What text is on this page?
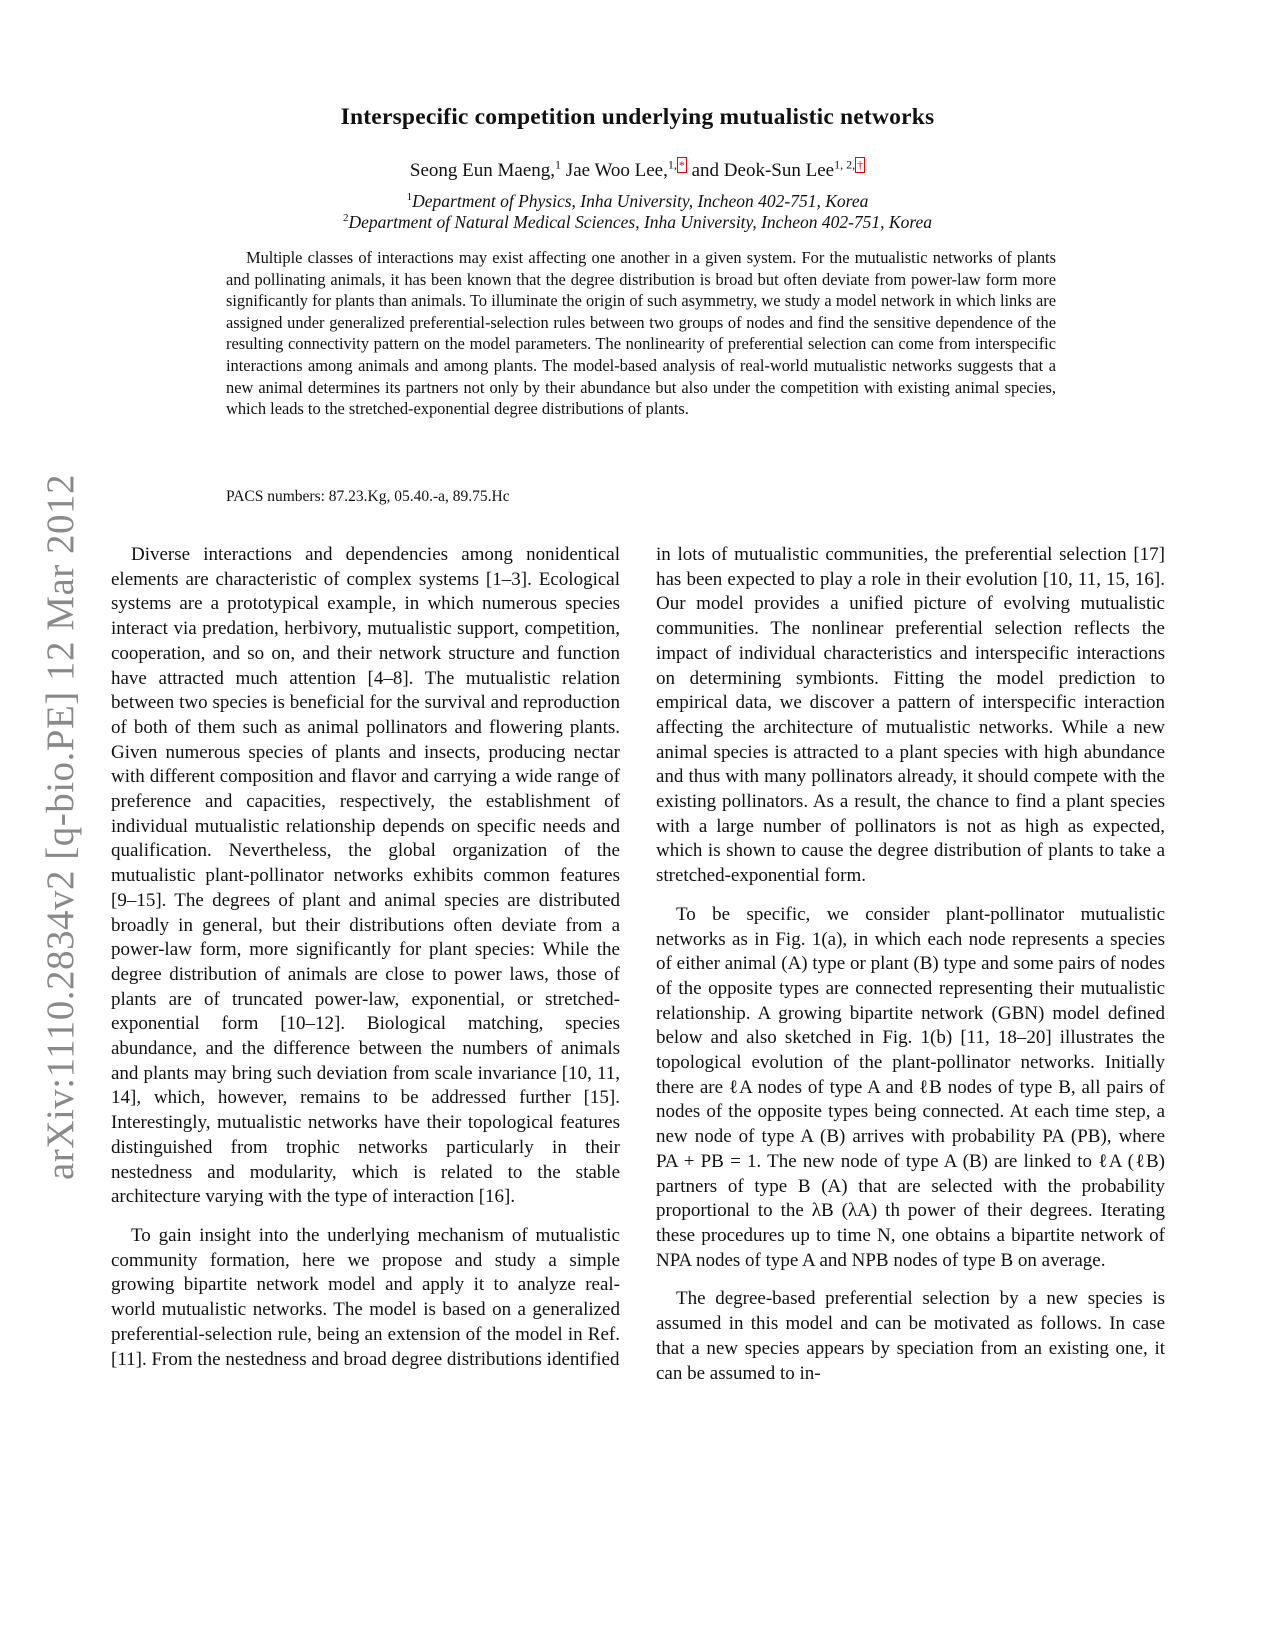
Interspecific competition underlying mutualistic networks
Seong Eun Maeng,$^1$ Jae Woo Lee,$^{1,}$ * and Deok-Sun Lee$^{1, 2,}$ †
$^1$Department of Physics, Inha University, Incheon 402-751, Korea
$^2$Department of Natural Medical Sciences, Inha University, Incheon 402-751, Korea
Multiple classes of interactions may exist affecting one another in a given system. For the mutualistic networks of plants and pollinating animals, it has been known that the degree distribution is broad but often deviate from power-law form more significantly for plants than animals. To illuminate the origin of such asymmetry, we study a model network in which links are assigned under generalized preferential-selection rules between two groups of nodes and find the sensitive dependence of the resulting connectivity pattern on the model parameters. The nonlinearity of preferential selection can come from interspecific interactions among animals and among plants. The model-based analysis of real-world mutualistic networks suggests that a new animal determines its partners not only by their abundance but also under the competition with existing animal species, which leads to the stretched-exponential degree distributions of plants.
PACS numbers: 87.23.Kg, 05.40.-a, 89.75.Hc
arXiv:1110.2834v2 [q-bio.PE] 12 Mar 2012	Diverse interactions and dependencies among nonidentical elements are characteristic of complex systems [1–3]. Ecological systems are a prototypical example, in which numerous species interact via predation, herbivory, mutualistic support, competition, cooperation, and so on, and their network structure and function have attracted much attention [4–8]. The mutualistic relation between two species is beneficial for the survival and reproduction of both of them such as animal pollinators and flowering plants. Given numerous species of plants and insects, producing nectar with different composition and flavor and carrying a wide range of preference and capacities, respectively, the establishment of individual mutualistic relationship depends on specific needs and qualification. Nevertheless, the global organization of the mutualistic plant-pollinator networks exhibits common features [9–15]. The degrees of plant and animal species are distributed broadly in general, but their distributions often deviate from a power-law form, more significantly for plant species: While the degree distribution of animals are close to power laws, those of plants are of truncated power-law, exponential, or stretched-exponential form [10–12]. Biological matching, species abundance, and the difference between the numbers of animals and plants may bring such deviation from scale invariance [10, 11, 14], which, however, remains to be addressed further [15]. Interestingly, mutualistic networks have their topological features distinguished from trophic networks particularly in their nestedness and modularity, which is related to the stable architecture varying with the type of interaction [16].

To gain insight into the underlying mechanism of mutualistic community formation, here we propose and study a simple growing bipartite network model and apply it to analyze real-world mutualistic networks. The model is based on a generalized preferential-selection rule, being an extension of the model in Ref. [11]. From the nestedness and broad degree distributions identified

in lots of mutualistic communities, the preferential selection [17] has been expected to play a role in their evolution [10, 11, 15, 16]. Our model provides a unified picture of evolving mutualistic communities. The nonlinear preferential selection reflects the impact of individual characteristics and interspecific interactions on determining symbionts. Fitting the model prediction to empirical data, we discover a pattern of interspecific interaction affecting the architecture of mutualistic networks. While a new animal species is attracted to a plant species with high abundance and thus with many pollinators already, it should compete with the existing pollinators. As a result, the chance to find a plant species with a large number of pollinators is not as high as expected, which is shown to cause the degree distribution of plants to take a stretched-exponential form.

To be specific, we consider plant-pollinator mutualistic networks as in Fig. 1(a), in which each node represents a species of either animal (A) type or plant (B) type and some pairs of nodes of the opposite types are connected representing their mutualistic relationship. A growing bipartite network (GBN) model defined below and also sketched in Fig. 1(b) [11, 18–20] illustrates the topological evolution of the plant-pollinator networks. Initially there are ℓA nodes of type A and ℓB nodes of type B, all pairs of nodes of the opposite types being connected. At each time step, a new node of type A (B) arrives with probability PA (PB), where PA + PB = 1. The new node of type A (B) are linked to ℓA (ℓB) partners of type B (A) that are selected with the probability proportional to the λB (λA) th power of their degrees. Iterating these procedures up to time N, one obtains a bipartite network of NPA nodes of type A and NPB nodes of type B on average.

The degree-based preferential selection by a new species is assumed in this model and can be motivated as follows. In case that a new species appears by speciation from an existing one, it can be assumed to in-
